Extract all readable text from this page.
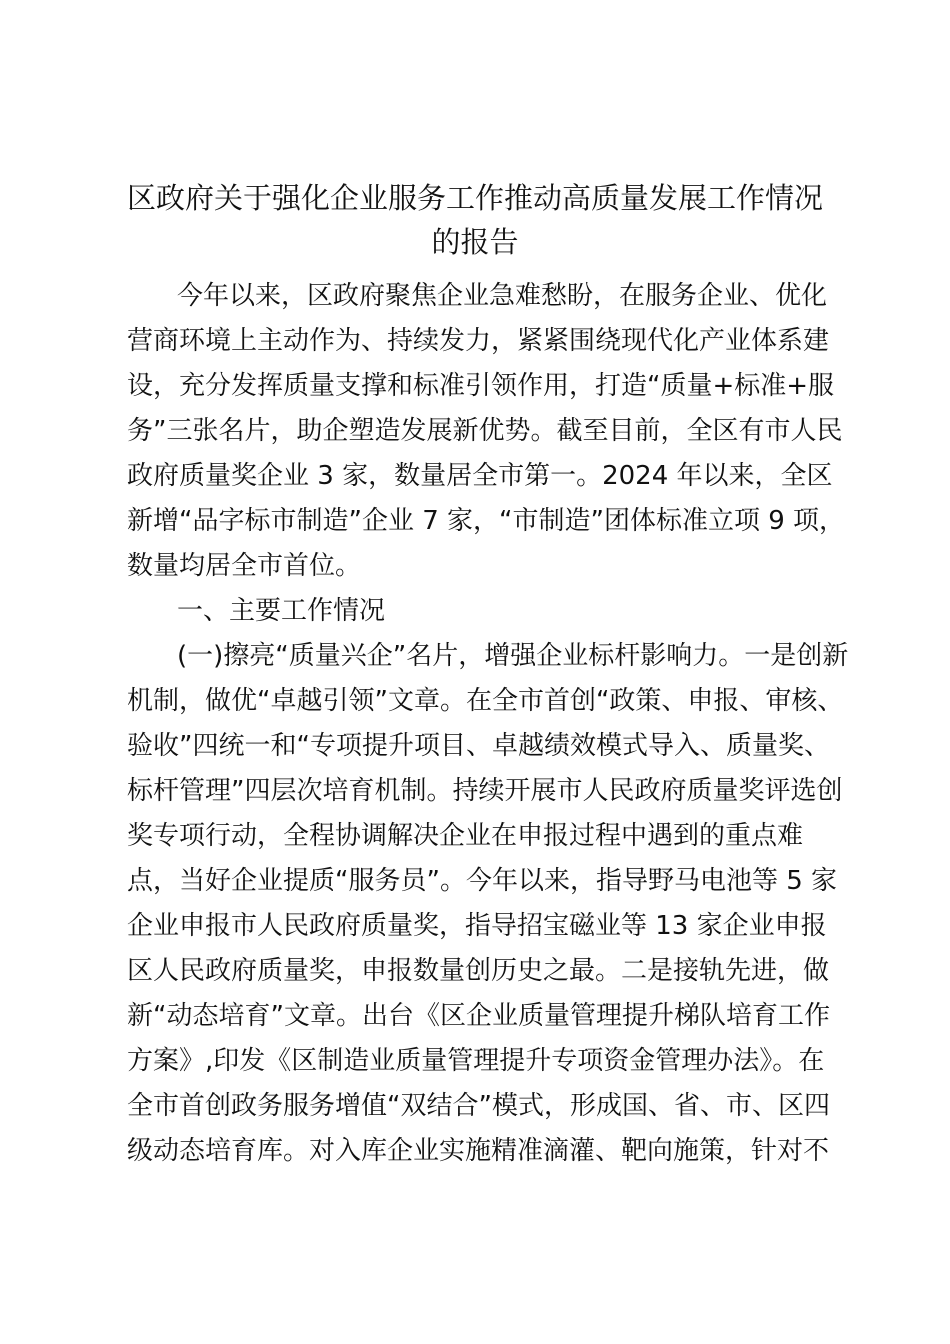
区政府关于强化企业服务工作推动高质量发展工作情况
的报告
今年以来，区政府聚焦企业急难愁盼，在服务企业、优化
营商环境上主动作为、持续发力，紧紧围绕现代化产业体系建
设，充分发挥质量支撑和标准引领作用，打造“质量+标准+服
务”三张名片，助企塑造发展新优势。截至目前，全区有市人民
政府质量奖企业 3 家，数量居全市第一。2024 年以来，全区
新增“品字标市制造”企业 7 家，“市制造”团体标准立项 9 项，
数量均居全市首位。
一、主要工作情况
(一)擦亮“质量兴企”名片，增强企业标杆影响力。一是创新
机制，做优“卓越引领”文章。在全市首创“政策、申报、审核、
验收”四统一和“专项提升项目、卓越绩效模式导入、质量奖、
标杆管理”四层次培育机制。持续开展市人民政府质量奖评选创
奖专项行动，全程协调解决企业在申报过程中遇到的重点难
点，当好企业提质“服务员”。今年以来，指导野马电池等 5 家
企业申报市人民政府质量奖，指导招宝磁业等 13 家企业申报
区人民政府质量奖，申报数量创历史之最。二是接轨先进，做
新“动态培育”文章。出台《区企业质量管理提升梯队培育工作
方案》,印发《区制造业质量管理提升专项资金管理办法》。在
全市首创政务服务增值“双结合”模式，形成国、省、市、区四
级动态培育库。对入库企业实施精准滴灌、靶向施策，针对不
